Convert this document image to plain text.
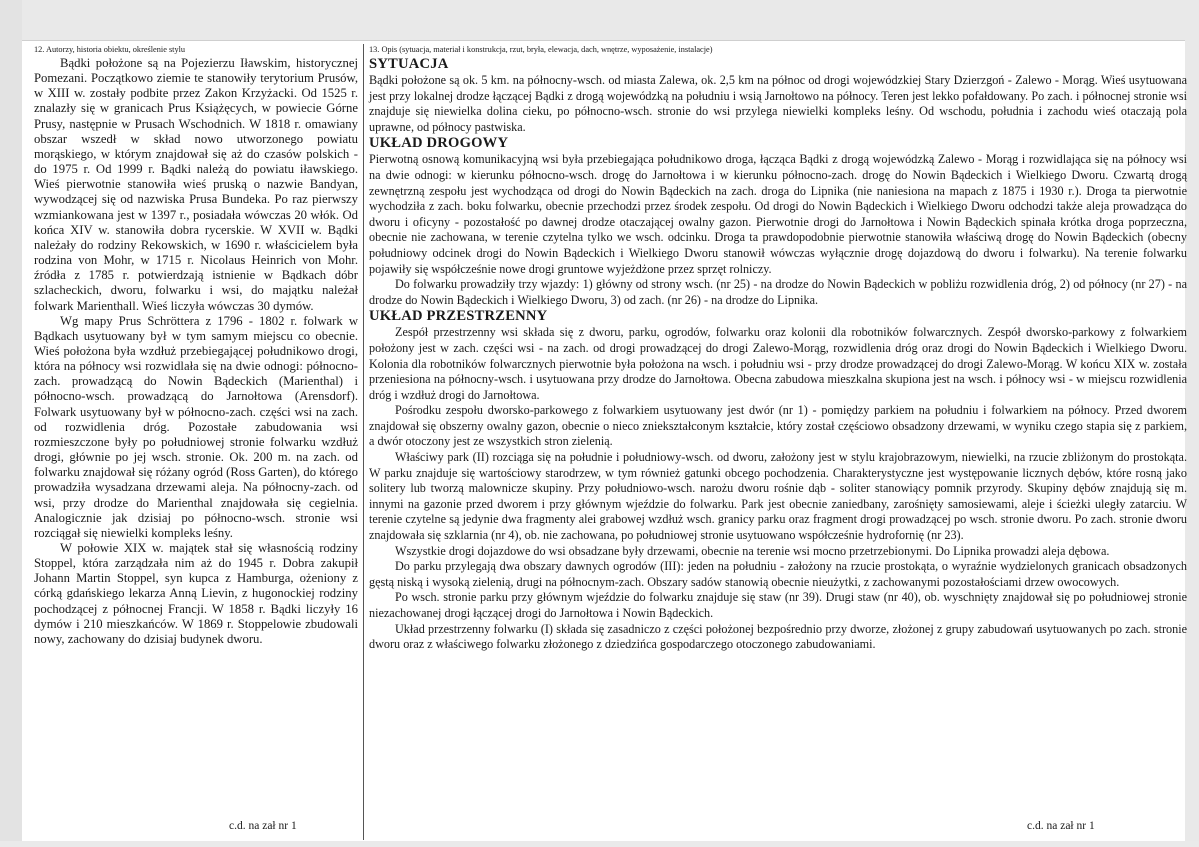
12. Autorzy, historia obiektu, określenie stylu	13. Opis (sytuacja, materiał i konstrukcja, rzut, bryła, elewacja, dach, wnętrze, wyposażenie, instalacje)

Bądki położone są na Pojezierzu Iławskim, historycznej Pomezani. Początkowo ziemie te stanowiły terytorium Prusów, w XIII w. zostały podbite przez Zakon Krzyżacki. Od 1525 r. znalazły się w granicach Prus Książęcych, w powiecie Górne Prusy, następnie w Prusach Wschodnich. W 1818 r. omawiany obszar wszedł w skład nowo utworzonego powiatu morąskiego, w którym znajdował się aż do czasów polskich - do 1975 r. Od 1999 r. Bądki należą do powiatu iławskiego. Wieś pierwotnie stanowiła wieś pruską o nazwie Bandyan, wywodzącej się od nazwiska Prusa Bundeka. Po raz pierwszy wzmiankowana jest w 1397 r., posiadała wówczas 20 włók. Od końca XIV w. stanowiła dobra rycerskie. W XVII w. Bądki należały do rodziny Rekowskich, w 1690 r. właścicielem była rodzina von Mohr, w 1715 r. Nicolaus Heinrich von Mohr. źródła z 1785 r. potwierdzają istnienie w Bądkach dóbr szlacheckich, dworu, folwarku i wsi, do majątku należał folwark Marienthall. Wieś liczyła wówczas 30 dymów.

Wg mapy Prus Schröttera z 1796 - 1802 r. folwark w Bądkach usytuowany był w tym samym miejscu co obecnie. Wieś położona była wzdłuż przebiegającej południkowo drogi, która na północy wsi rozwidlała się na dwie odnogi: północno-zach. prowadzącą do Nowin Bądeckich (Marienthal) i północno-wsch. prowadzącą do Jarnołtowa (Arensdorf). Folwark usytuowany był w północno-zach. części wsi na zach. od rozwidlenia dróg. Pozostałe zabudowania wsi rozmieszczone były po południowej stronie folwarku wzdłuż drogi, głównie po jej wsch. stronie. Ok. 200 m. na zach. od folwarku znajdował się różany ogród (Ross Garten), do którego prowadziła wysadzana drzewami aleja. Na północny-zach. od wsi, przy drodze do Marienthal znajdowała się cegielnia. Analogicznie jak dzisiaj po północno-wsch. stronie wsi rozciągał się niewielki kompleks leśny.

W połowie XIX w. majątek stał się własnością rodziny Stoppel, która zarządzała nim aż do 1945 r. Dobra zakupił Johann Martin Stoppel, syn kupca z Hamburga, ożeniony z córką gdańskiego lekarza Anną Lievin, z hugonockiej rodziny pochodzącej z północnej Francji. W 1858 r. Bądki liczyły 16 dymów i 210 mieszkańców. W 1869 r. Stoppelowie zbudowali nowy, zachowany do dzisiaj budynek dworu.

SYTUACJA

Bądki położone są ok. 5 km. na północny-wsch. od miasta Zalewa, ok. 2,5 km na północ od drogi wojewódzkiej Stary Dzierzgoń - Zalewo - Morąg. Wieś usytuowana jest przy lokalnej drodze łączącej Bądki z drogą wojewódzką na południu i wsią Jarnołtowo na północy. Teren jest lekko pofałdowany. Po zach. i północnej stronie wsi znajduje się niewielka dolina cieku, po północno-wsch. stronie do wsi przylega niewielki kompleks leśny. Od wschodu, południa i zachodu wieś otaczają pola uprawne, od północy pastwiska.

UKŁAD DROGOWY

Pierwotną osnową komunikacyjną wsi była przebiegająca południkowo droga, łącząca Bądki z drogą wojewódzką Zalewo - Morąg i rozwidlająca się na północy wsi na dwie odnogi: w kierunku północno-wsch. drogę do Jarnołtowa i w kierunku północno-zach. drogę do Nowin Bądeckich i Wielkiego Dworu. Czwartą drogą zewnętrzną zespołu jest wychodząca od drogi do Nowin Bądeckich na zach. droga do Lipnika (nie naniesiona na mapach z 1875 i 1930 r.). Droga ta pierwotnie wychodziła z zach. boku folwarku, obecnie przechodzi przez środek zespołu. Od drogi do Nowin Bądeckich i Wielkiego Dworu odchodzi także aleja prowadząca do dworu i oficyny - pozostałość po dawnej drodze otaczającej owalny gazon. Pierwotnie drogi do Jarnołtowa i Nowin Bądeckich spinała krótka droga poprzeczna, obecnie nie zachowana, w terenie czytelna tylko we wsch. odcinku. Droga ta prawdopodobnie pierwotnie stanowiła właściwą drogę do Nowin Bądeckich (obecny południowy odcinek drogi do Nowin Bądeckich i Wielkiego Dworu stanowił wówczas wyłącznie drogę dojazdową do dworu i folwarku). Na terenie folwarku pojawiły się współcześnie nowe drogi gruntowe wyjeżdżone przez sprzęt rolniczy.

Do folwarku prowadziły trzy wjazdy: 1) główny od strony wsch. (nr 25) - na drodze do Nowin Bądeckich w pobliżu rozwidlenia dróg, 2) od północy (nr 27) - na drodze do Nowin Bądeckich i Wielkiego Dworu, 3) od zach. (nr 26) - na drodze do Lipnika.

UKŁAD PRZESTRZENNY

Zespół przestrzenny wsi składa się z dworu, parku, ogrodów, folwarku oraz kolonii dla robotników folwarcznych. Zespół dworsko-parkowy z folwarkiem położony jest w zach. części wsi - na zach. od drogi prowadzącej do drogi Zalewo-Morąg, rozwidlenia dróg oraz drogi do Nowin Bądeckich i Wielkiego Dworu. Kolonia dla robotników folwarcznych pierwotnie była położona na wsch. i południu wsi - przy drodze prowadzącej do drogi Zalewo-Morąg. W końcu XIX w. została przeniesiona na północny-wsch. i usytuowana przy drodze do Jarnołtowa. Obecna zabudowa mieszkalna skupiona jest na wsch. i północy wsi - w miejscu rozwidlenia dróg i wzdłuż drogi do Jarnołtowa.

Pośrodku zespołu dworsko-parkowego z folwarkiem usytuowany jest dwór (nr 1) - pomiędzy parkiem na południu i folwarkiem na północy. Przed dworem znajdował się obszerny owalny gazon, obecnie o nieco zniekształconym kształcie, który został częściowo obsadzony drzewami, w wyniku czego stapia się z parkiem, a dwór otoczony jest ze wszystkich stron zielenią.

Właściwy park (II) rozciąga się na południe i południowy-wsch. od dworu, założony jest w stylu krajobrazowym, niewielki, na rzucie zbliżonym do prostokąta. W parku znajduje się wartościowy starodrzew, w tym również gatunki obcego pochodzenia. Charakterystyczne jest występowanie licznych dębów, które rosną jako solitery lub tworzą malownicze skupiny. Przy południowo-wsch. narożu dworu rośnie dąb - soliter stanowiący pomnik przyrody. Skupiny dębów znajdują się m. innymi na gazonie przed dworem i przy głównym wjeździe do folwarku. Park jest obecnie zaniedbany, zarośnięty samosiewami, aleje i ścieżki uległy zatarciu. W terenie czytelne są jedynie dwa fragmenty alei grabowej wzdłuż wsch. granicy parku oraz fragment drogi prowadzącej po wsch. stronie dworu. Po zach. stronie dworu znajdowała się szklarnia (nr 4), ob. nie zachowana, po południowej stronie usytuowano współcześnie hydrofornię (nr 23).

Wszystkie drogi dojazdowe do wsi obsadzane były drzewami, obecnie na terenie wsi mocno przetrzebionymi. Do Lipnika prowadzi aleja dębowa.

Do parku przylegają dwa obszary dawnych ogrodów (III): jeden na południu - założony na rzucie prostokąta, o wyraźnie wydzielonych granicach obsadzonych gęstą niską i wysoką zielenią, drugi na północnym-zach. Obszary sadów stanowią obecnie nieużytki, z zachowanymi pozostałościami drzew owocowych.

Po wsch. stronie parku przy głównym wjeździe do folwarku znajduje się staw (nr 39). Drugi staw (nr 40), ob. wyschnięty znajdował się po południowej stronie niezachowanej drogi łączącej drogi do Jarnołtowa i Nowin Bądeckich.

Układ przestrzenny folwarku (I) składa się zasadniczo z części położonej bezpośrednio przy dworze, złożonej z grupy zabudowań usytuowanych po zach. stronie dworu oraz z właściwego folwarku złożonego z dziedzińca gospodarczego otoczonego zabudowaniami.

c.d. na zał nr 1	c.d. na zał nr 1
